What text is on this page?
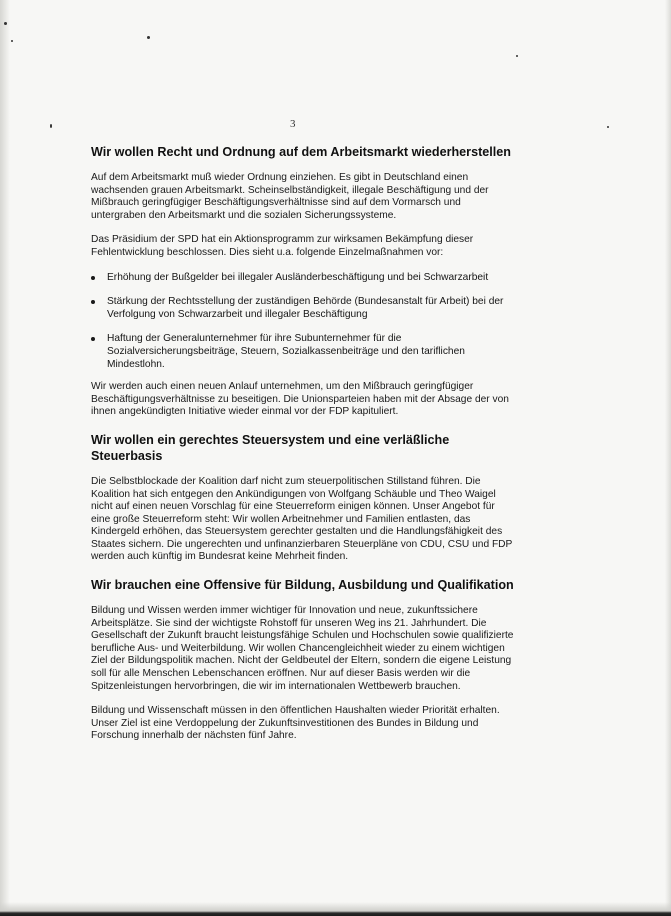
3
Wir wollen Recht und Ordnung auf dem Arbeitsmarkt wiederherstellen

Auf dem Arbeitsmarkt muß wieder Ordnung einziehen. Es gibt in Deutschland einen wachsenden grauen Arbeitsmarkt. Scheinselbständigkeit, illegale Beschäftigung und der Mißbrauch geringfügiger Beschäftigungsverhältnisse sind auf dem Vormarsch und untergraben den Arbeitsmarkt und die sozialen Sicherungssysteme.

Das Präsidium der SPD hat ein Aktionsprogramm zur wirksamen Bekämpfung dieser Fehlentwicklung beschlossen. Dies sieht u.a. folgende Einzelmaßnahmen vor:

Erhöhung der Bußgelder bei illegaler Ausländerbeschäftigung und bei Schwarzarbeit
Stärkung der Rechtsstellung der zuständigen Behörde (Bundesanstalt für Arbeit) bei der Verfolgung von Schwarzarbeit und illegaler Beschäftigung
Haftung der Generalunternehmer für ihre Subunternehmer für die Sozialversicherungsbeiträge, Steuern, Sozialkassenbeiträge und den tariflichen Mindestlohn.

Wir werden auch einen neuen Anlauf unternehmen, um den Mißbrauch geringfügiger Beschäftigungsverhältnisse zu beseitigen. Die Unionsparteien haben mit der Absage der von ihnen angekündigten Initiative wieder einmal vor der FDP kapituliert.

Wir wollen ein gerechtes Steuersystem und eine verläßliche Steuerbasis

Die Selbstblockade der Koalition darf nicht zum steuerpolitischen Stillstand führen. Die Koalition hat sich entgegen den Ankündigungen von Wolfgang Schäuble und Theo Waigel nicht auf einen neuen Vorschlag für eine Steuerreform einigen können. Unser Angebot für eine große Steuerreform steht: Wir wollen Arbeitnehmer und Familien entlasten, das Kindergeld erhöhen, das Steuersystem gerechter gestalten und die Handlungsfähigkeit des Staates sichern. Die ungerechten und unfinanzierbaren Steuerpläne von CDU, CSU und FDP werden auch künftig im Bundesrat keine Mehrheit finden.

Wir brauchen eine Offensive für Bildung, Ausbildung und Qualifikation

Bildung und Wissen werden immer wichtiger für Innovation und neue, zukunftssichere Arbeitsplätze. Sie sind der wichtigste Rohstoff für unseren Weg ins 21. Jahrhundert. Die Gesellschaft der Zukunft braucht leistungsfähige Schulen und Hochschulen sowie qualifizierte berufliche Aus- und Weiterbildung. Wir wollen Chancengleichheit wieder zu einem wichtigen Ziel der Bildungspolitik machen. Nicht der Geldbeutel der Eltern, sondern die eigene Leistung soll für alle Menschen Lebenschancen eröffnen. Nur auf dieser Basis werden wir die Spitzenleistungen hervorbringen, die wir im internationalen Wettbewerb brauchen.

Bildung und Wissenschaft müssen in den öffentlichen Haushalten wieder Priorität erhalten. Unser Ziel ist eine Verdoppelung der Zukunftsinvestitionen des Bundes in Bildung und Forschung innerhalb der nächsten fünf Jahre.
